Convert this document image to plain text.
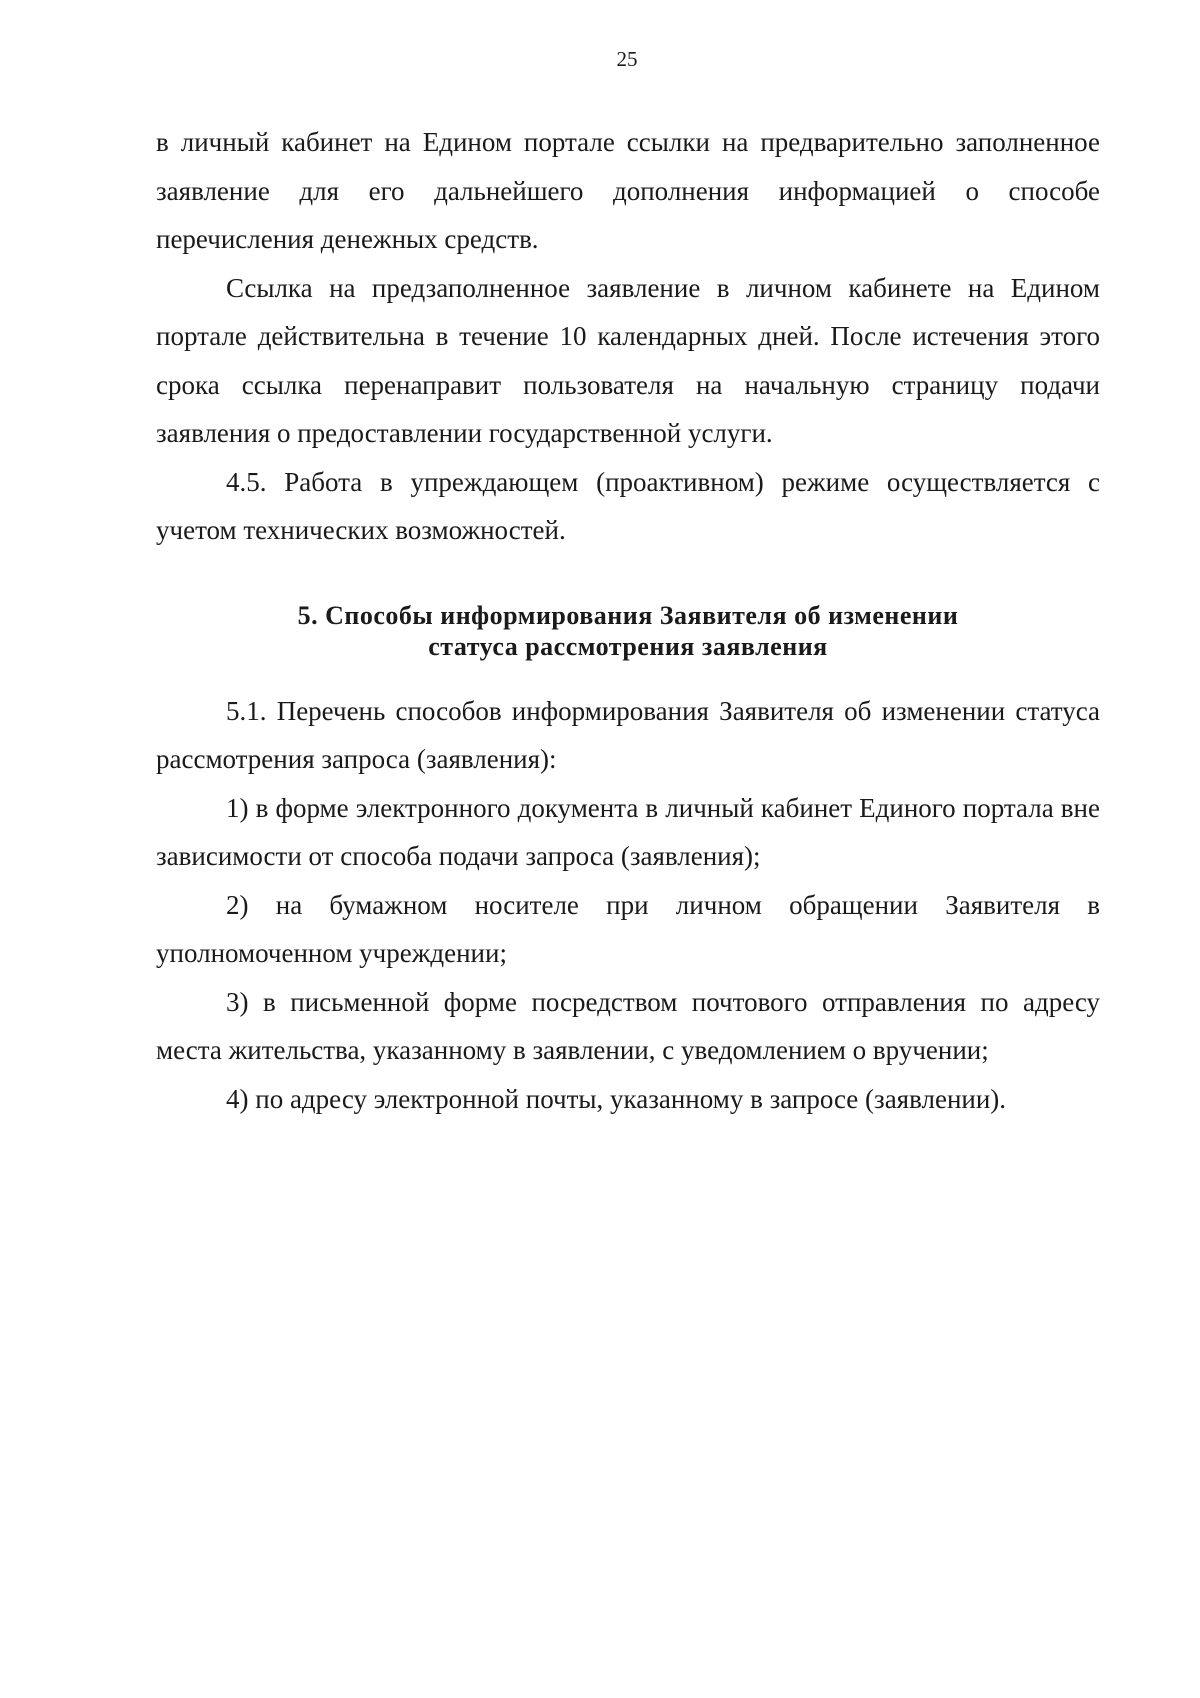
25

в личный кабинет на Едином портале ссылки на предварительно заполненное заявление для его дальнейшего дополнения информацией о способе перечисления денежных средств.

Ссылка на предзаполненное заявление в личном кабинете на Едином портале действительна в течение 10 календарных дней. После истечения этого срока ссылка перенаправит пользователя на начальную страницу подачи заявления о предоставлении государственной услуги.

4.5. Работа в упреждающем (проактивном) режиме осуществляется с учетом технических возможностей.

5. Способы информирования Заявителя об изменении
статуса рассмотрения заявления

5.1. Перечень способов информирования Заявителя об изменении статуса рассмотрения запроса (заявления):

1) в форме электронного документа в личный кабинет Единого портала вне зависимости от способа подачи запроса (заявления);

2) на бумажном носителе при личном обращении Заявителя в уполномоченном учреждении;

3) в письменной форме посредством почтового отправления по адресу места жительства, указанному в заявлении, с уведомлением о вручении;

4) по адресу электронной почты, указанному в запросе (заявлении).
